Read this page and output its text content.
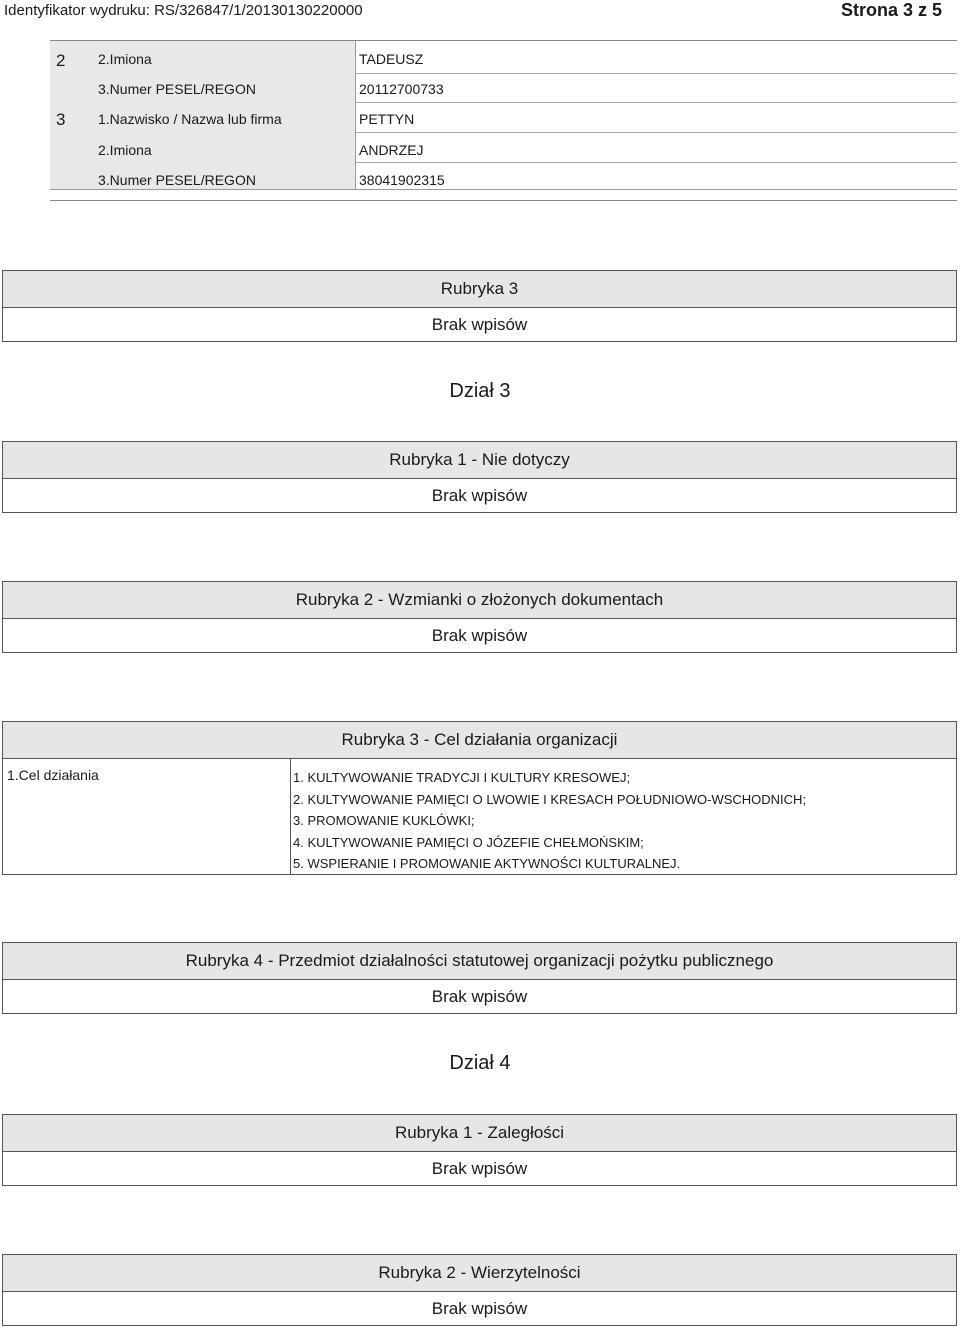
Identyfikator wydruku: RS/326847/1/20130130220000	Strona 3 z 5
2 2.Imiona	TADEUSZ
3.Numer PESEL/REGON	20112700733
3 1.Nazwisko / Nazwa lub firma	PETTYN
2.Imiona	ANDRZEJ
3.Numer PESEL/REGON	38041902315
Rubryka 3
Brak wpisów
Dział 3
Rubryka 1 - Nie dotyczy
Brak wpisów
Rubryka 2 - Wzmianki o złożonych dokumentach
Brak wpisów
Rubryka 3 - Cel działania organizacji
1.Cel działania	1. KULTYWOWANIE TRADYCJI I KULTURY KRESOWEJ;
2. KULTYWOWANIE PAMIĘCI O LWOWIE I KRESACH POŁUDNIOWO-WSCHODNICH;
3. PROMOWANIE KUKLÓWKI;
4. KULTYWOWANIE PAMIĘCI O JÓZEFIE CHEŁMOŃSKIM;
5. WSPIERANIE I PROMOWANIE AKTYWNOŚCI KULTURALNEJ.
Rubryka 4 - Przedmiot działalności statutowej organizacji pożytku publicznego
Brak wpisów
Dział 4
Rubryka 1 - Zaległości
Brak wpisów
Rubryka 2 - Wierzytelności
Brak wpisów
